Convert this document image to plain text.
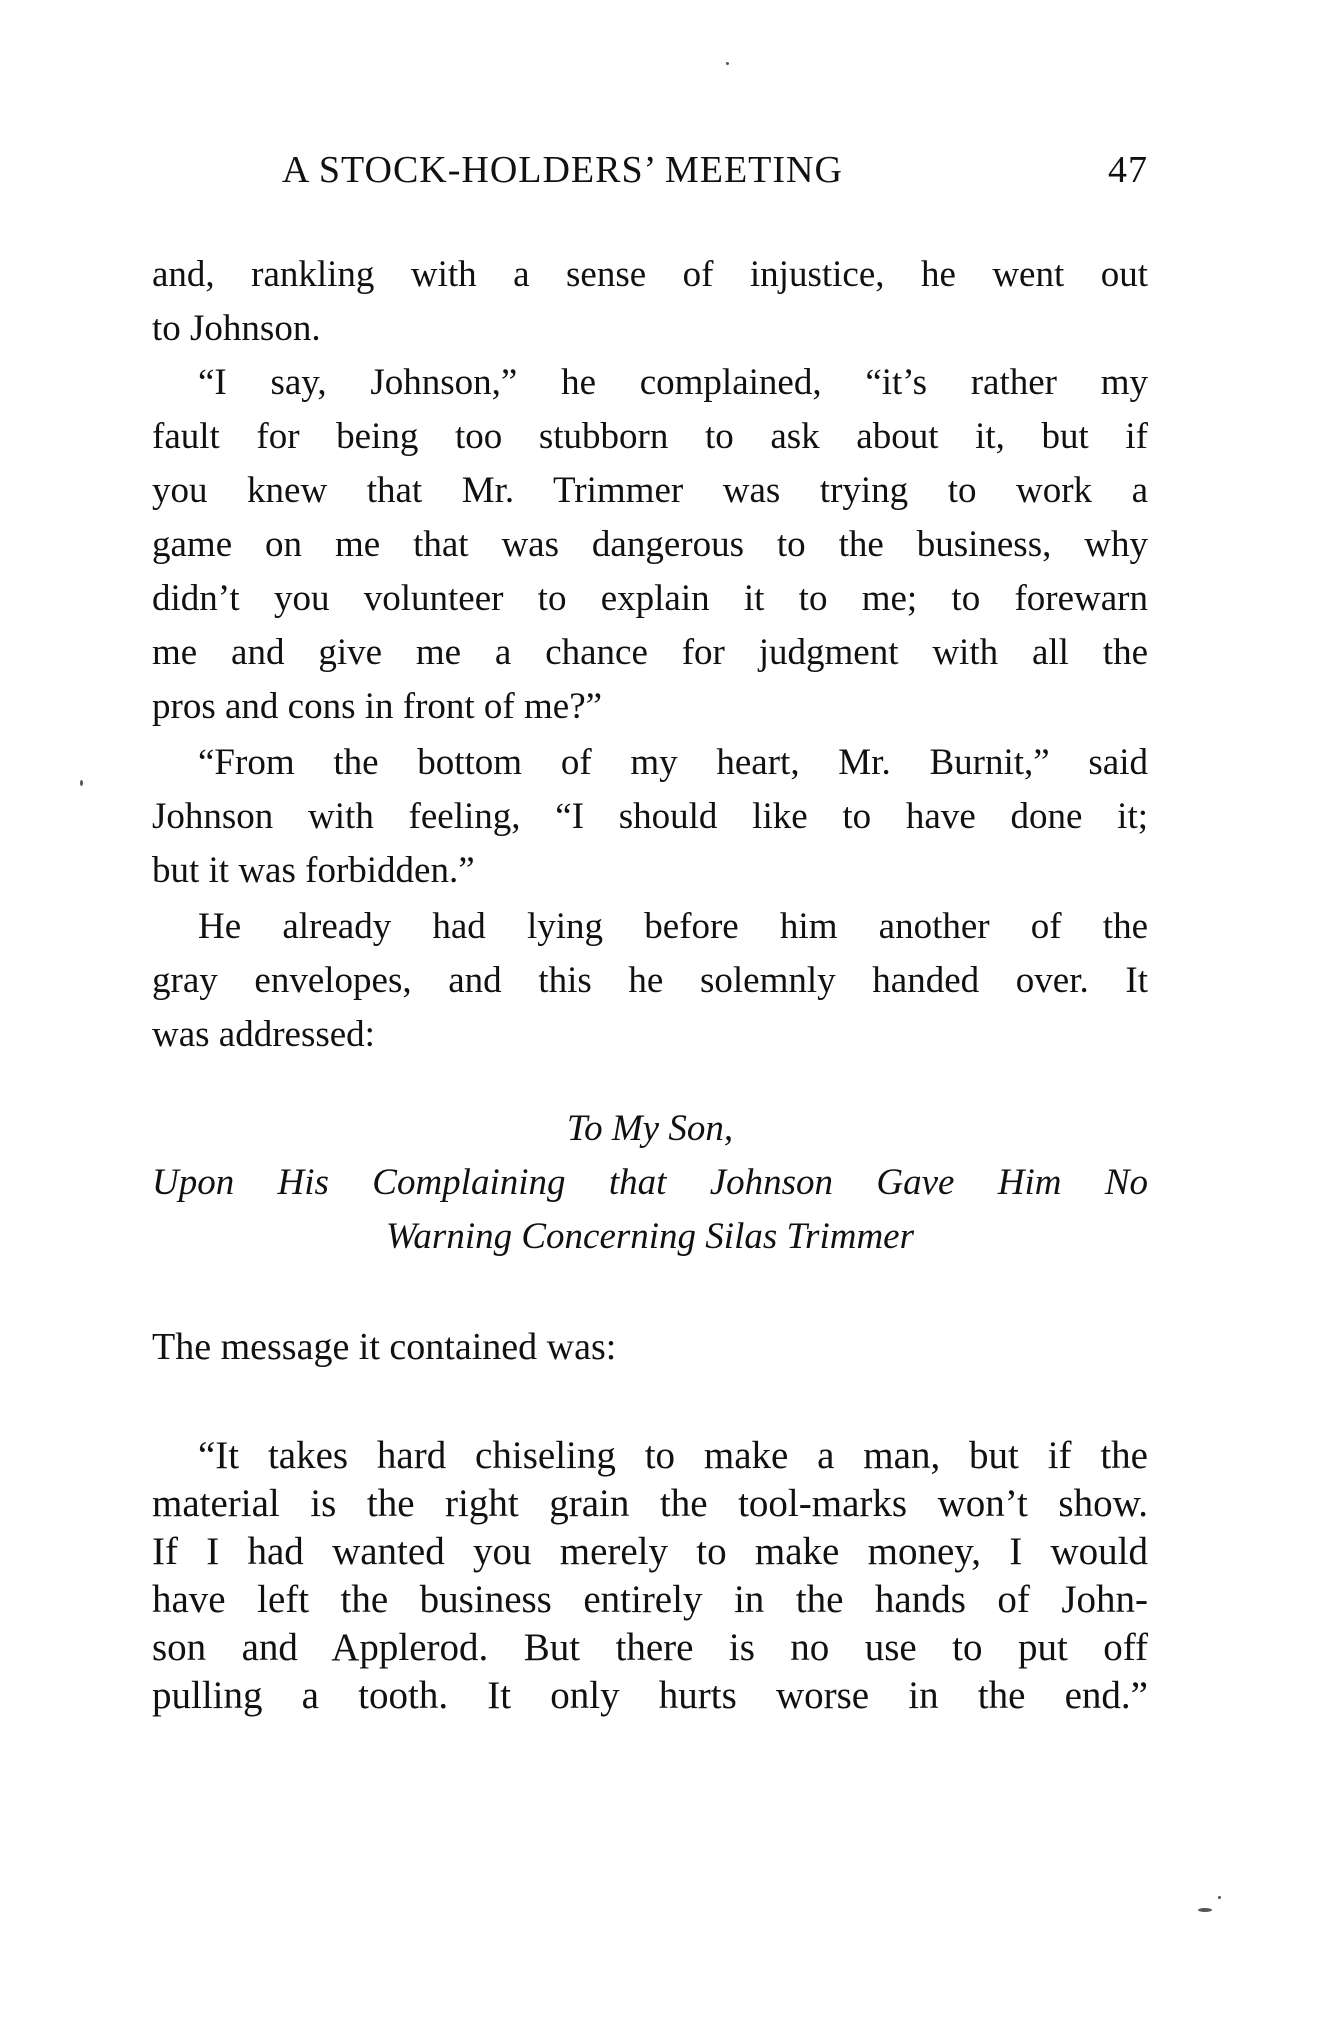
A STOCK-HOLDERS’ MEETING	47
and, rankling with a sense of injustice, he went out
to Johnson.
“I say, Johnson,” he complained, “it’s rather my
fault for being too stubborn to ask about it, but if
you knew that Mr. Trimmer was trying to work a
game on me that was dangerous to the business, why
didn’t you volunteer to explain it to me; to forewarn
me and give me a chance for judgment with all the
pros and cons in front of me?”
“From the bottom of my heart, Mr. Burnit,” said
Johnson with feeling, “I should like to have done it;
but it was forbidden.”
He already had lying before him another of the
gray envelopes, and this he solemnly handed over. It
was addressed:
To My Son,
Upon His Complaining that Johnson Gave Him No
Warning Concerning Silas Trimmer
The message it contained was:
“It takes hard chiseling to make a man, but if the
material is the right grain the tool-marks won’t show.
If I had wanted you merely to make money, I would
have left the business entirely in the hands of John-
son and Applerod. But there is no use to put off
pulling a tooth. It only hurts worse in the end.”
